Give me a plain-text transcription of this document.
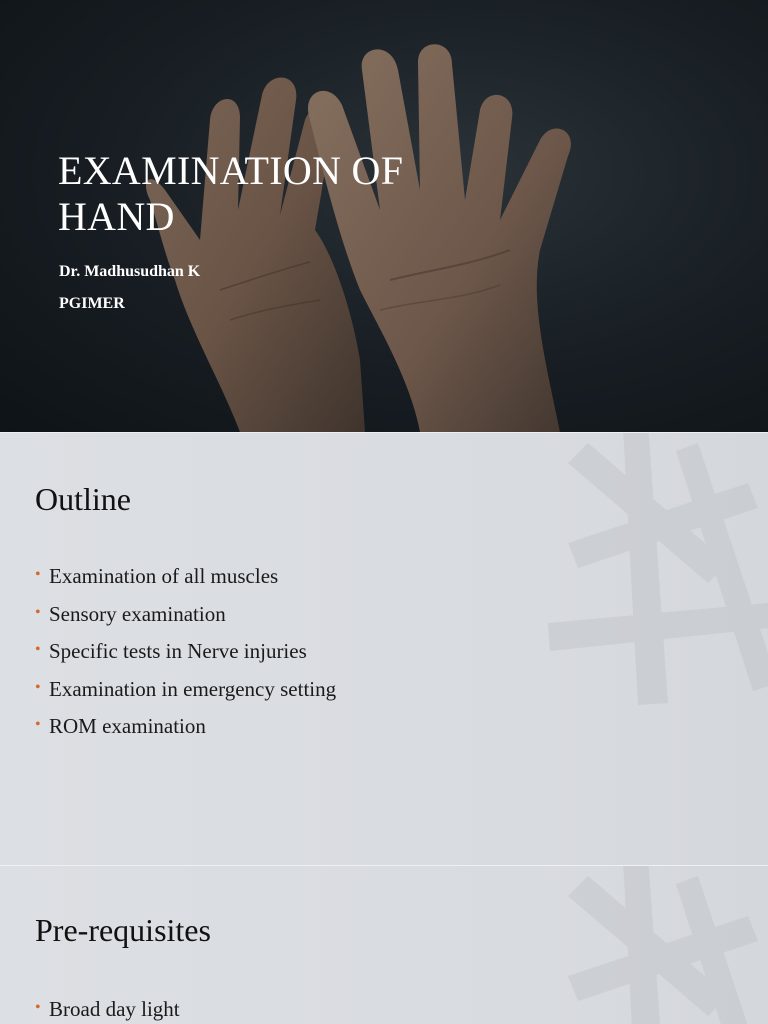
EXAMINATION OF
HAND
Dr. Madhusudhan K
PGIMER
Outline
• Examination of all muscles
• Sensory examination
• Specific tests in Nerve injuries
• Examination in emergency setting
• ROM examination
Pre-requisites
• Broad day light
